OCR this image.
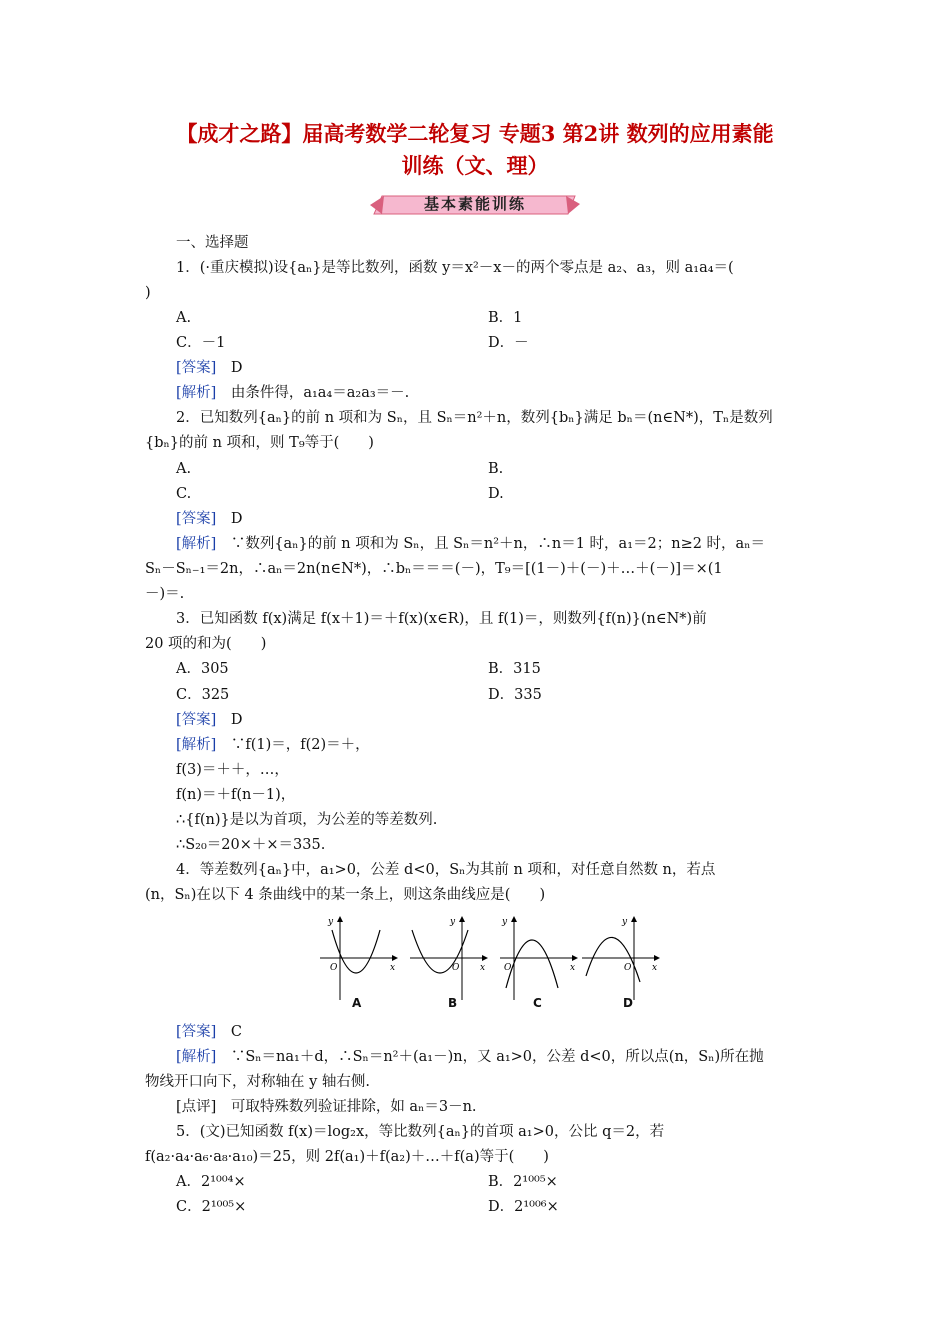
【成才之路】届高考数学二轮复习 专题3 第2讲 数列的应用素能
训练（文、理）
基本素能训练
一、选择题
1．(·重庆模拟)设{aₙ}是等比数列，函数 y＝x²－x－的两个零点是 a₂、a₃，则 a₁a₄＝(
)
A.	B．1
C．－1	D．－
[答案]　 D
[解析]　 由条件得，a₁a₄＝a₂a₃＝－.
2．已知数列{aₙ}的前 n 项和为 Sₙ，且 Sₙ＝n²＋n，数列{bₙ}满足 bₙ＝(n∈N*)，Tₙ是数列
{bₙ}的前 n 项和，则 T₉等于(　　)
A.	B.
C.	D.
[答案]　 D
[解析]　 ∵数列{aₙ}的前 n 项和为 Sₙ，且 Sₙ＝n²＋n，∴n＝1 时，a₁＝2；n≥2 时，aₙ＝
Sₙ－Sₙ₋₁＝2n，∴aₙ＝2n(n∈N*)，∴bₙ＝＝＝(－)，T₉＝[(1－)＋(－)＋…＋(－)]＝×(1
－)＝.
3．已知函数 f(x)满足 f(x＋1)＝＋f(x)(x∈R)，且 f(1)＝，则数列{f(n)}(n∈N*)前
20 项的和为(　　)
A．305	B．315
C．325	D．335
[答案]　 D
[解析]　 ∵f(1)＝，f(2)＝＋，
f(3)＝＋＋，…，
f(n)＝＋f(n－1)，
∴{f(n)}是以为首项，为公差的等差数列.
∴S₂₀＝20×＋×＝335.
4．等差数列{aₙ}中，a₁>0，公差 d<0，Sₙ为其前 n 项和，对任意自然数 n，若点
(n，Sₙ)在以下 4 条曲线中的某一条上，则这条曲线应是(　　)
y
x
O
y
x
O
y
x
O
y
x
O
A	B	C	D
[答案]　 C
[解析]　 ∵Sₙ＝na₁＋d，∴Sₙ＝n²＋(a₁－)n，又 a₁>0，公差 d<0，所以点(n，Sₙ)所在抛
物线开口向下，对称轴在 y 轴右侧.
[点评]　 可取特殊数列验证排除，如 aₙ＝3－n.
5．(文)已知函数 f(x)＝log₂x，等比数列{aₙ}的首项 a₁>0，公比 q＝2，若
f(a₂·a₄·a₆·a₈·a₁₀)＝25，则 2f(a₁)＋f(a₂)＋…＋f(a)等于(　　)
A．2¹⁰⁰⁴×	B．2¹⁰⁰⁵×
C．2¹⁰⁰⁵×	D．2¹⁰⁰⁶×
